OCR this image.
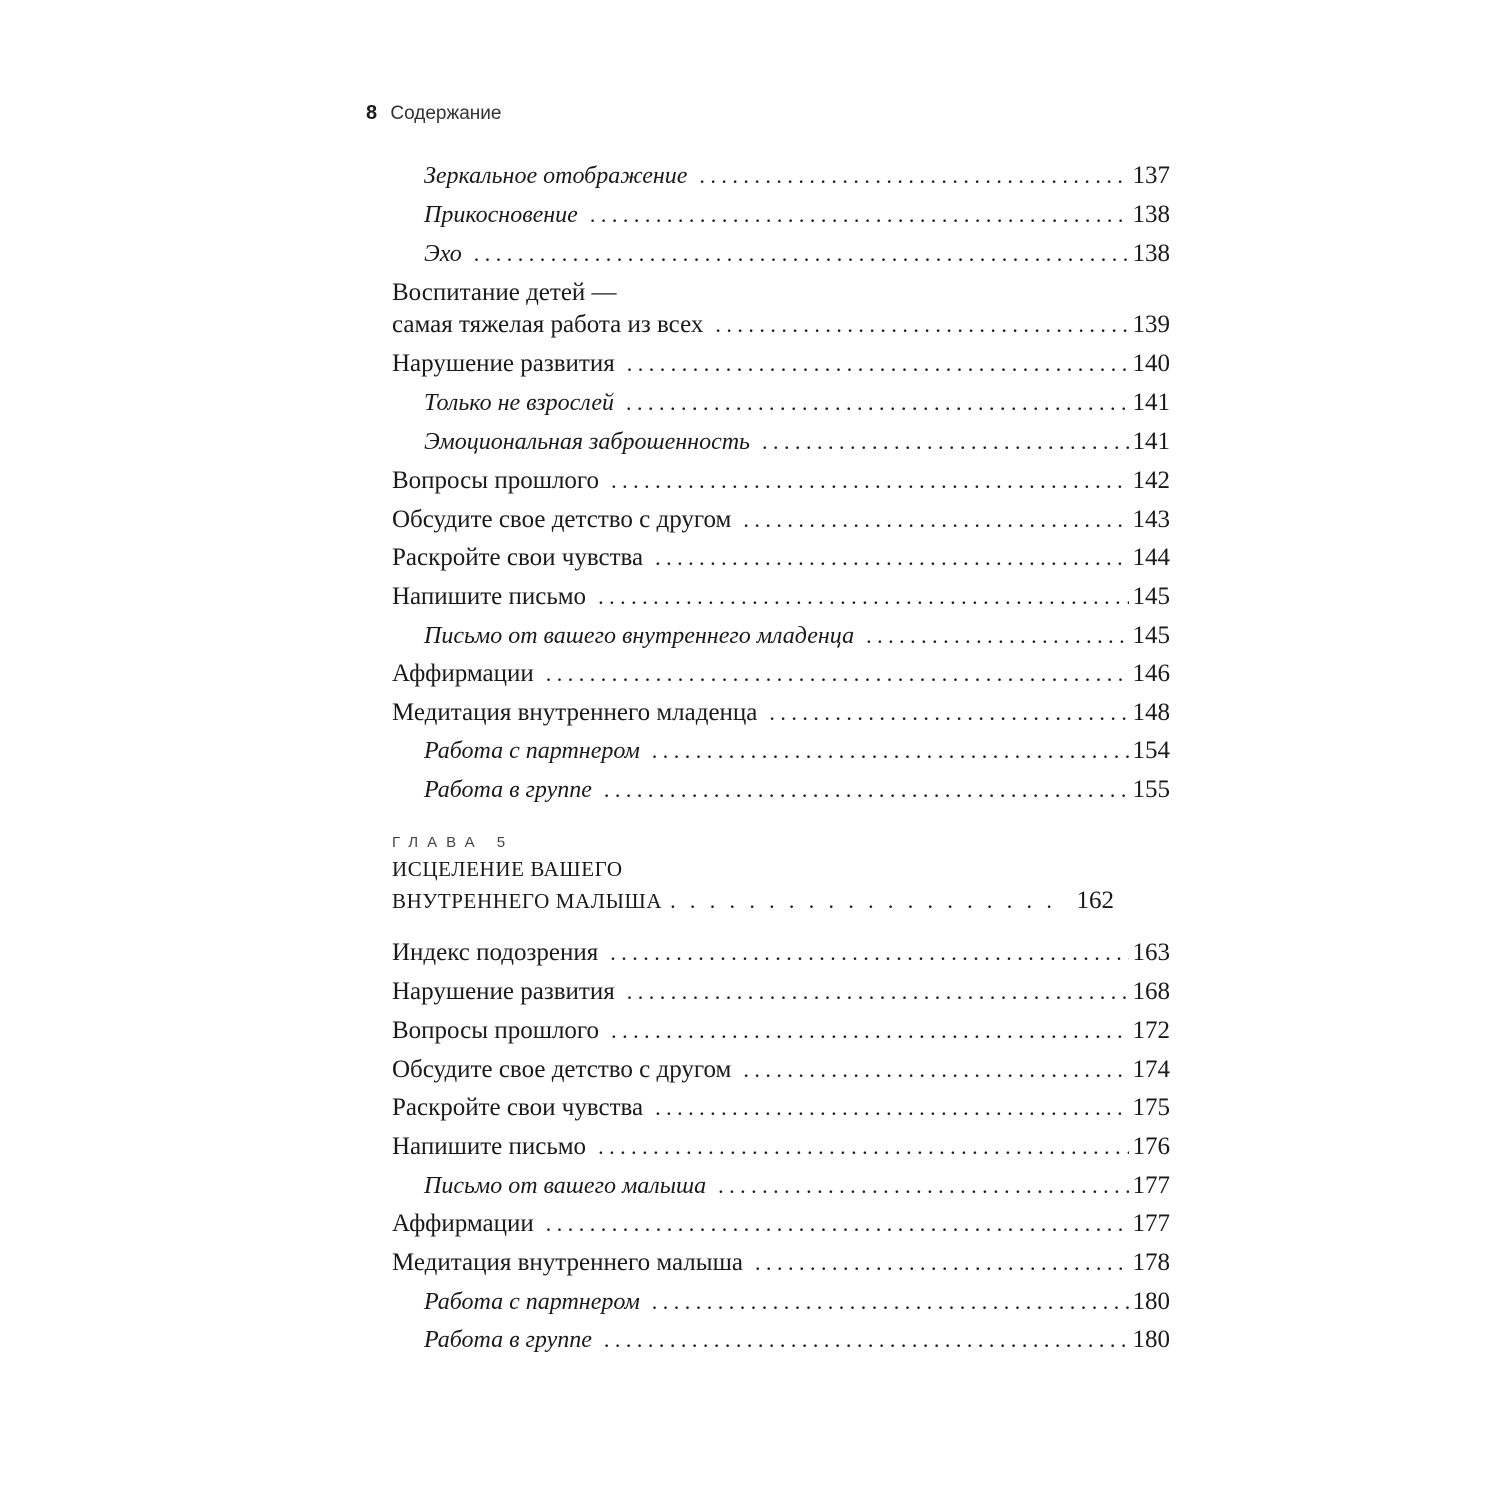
8 Содержание
Зеркальное отображение . . .	137
Прикосновение . . .	138
Эхо . . .	138
Воспитание детей —
самая тяжелая работа из всех . . .	139
Нарушение развития . . .	140
Только не взрослей . . .	141
Эмоциональная заброшенность . . .	141
Вопросы прошлого . . .	142
Обсудите свое детство с другом . . .	143
Раскройте свои чувства . . .	144
Напишите письмо . . .	145
Письмо от вашего внутреннего младенца . . .	145
Аффирмации . . .	146
Медитация внутреннего младенца . . .	148
Работа с партнером . . .	154
Работа в группе . . .	155
ГЛАВА 5
ИСЦЕЛЕНИЕ ВАШЕГО
ВНУТРЕННЕГО МАЛЫША . . .	162
Индекс подозрения . . .	163
Нарушение развития . . .	168
Вопросы прошлого . . .	172
Обсудите свое детство с другом . . .	174
Раскройте свои чувства . . .	175
Напишите письмо . . .	176
Письмо от вашего малыша . . .	177
Аффирмации . . .	177
Медитация внутреннего малыша . . .	178
Работа с партнером . . .	180
Работа в группе . . .	180
